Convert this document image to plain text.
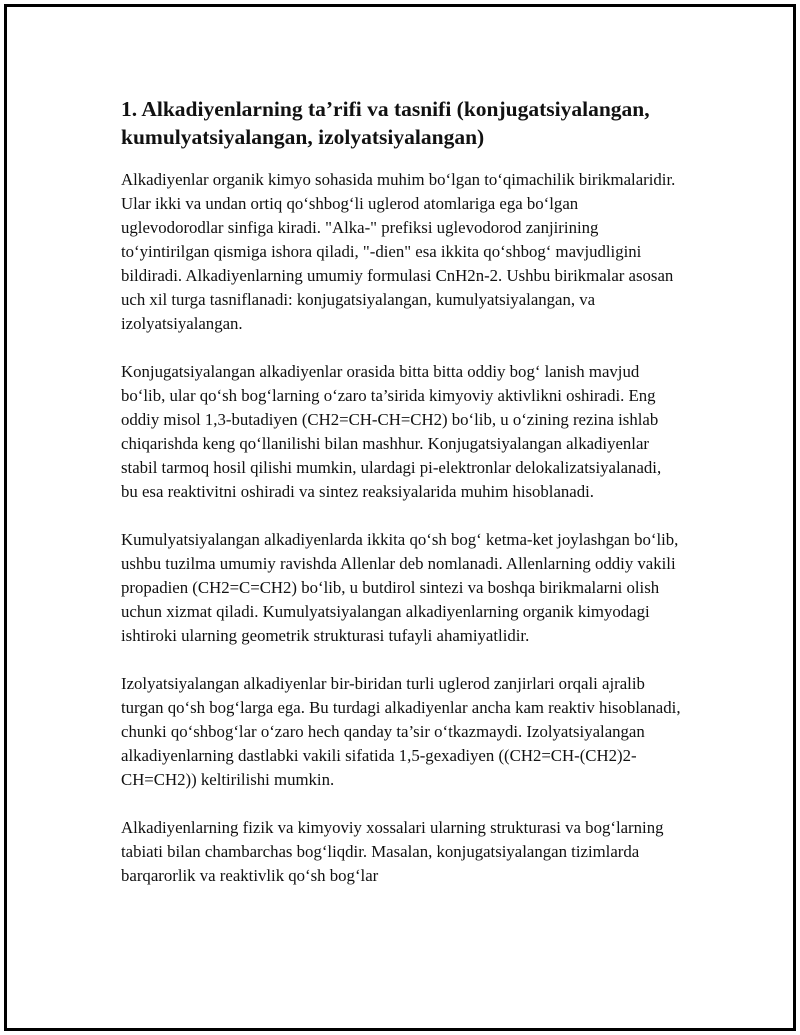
1. Alkadiyenlarning ta’rifi va tasnifi (konjugatsiyalangan, kumulyatsiyalangan, izolyatsiyalangan)

Alkadiyenlar organik kimyo sohasida muhim bo‘lgan to‘qimachilik birikmalaridir. Ular ikki va undan ortiq qo‘shbog‘li uglerod atomlariga ega bo‘lgan uglevodorodlar sinfiga kiradi. "Alka-" prefiksi uglevodorod zanjirining to‘yintirilgan qismiga ishora qiladi, "-dien" esa ikkita qo‘shbog‘ mavjudligini bildiradi. Alkadiyenlarning umumiy formulasi CnH2n-2. Ushbu birikmalar asosan uch xil turga tasniflanadi: konjugatsiyalangan, kumulyatsiyalangan, va izolyatsiyalangan.

Konjugatsiyalangan alkadiyenlar orasida bitta bitta oddiy bog‘ lanish mavjud bo‘lib, ular qo‘sh bog‘larning o‘zaro ta’sirida kimyoviy aktivlikni oshiradi. Eng oddiy misol 1,3-butadiyen (CH2=CH-CH=CH2) bo‘lib, u o‘zining rezina ishlab chiqarishda keng qo‘llanilishi bilan mashhur. Konjugatsiyalangan alkadiyenlar stabil tarmoq hosil qilishi mumkin, ulardagi pi-elektronlar delokalizatsiyalanadi, bu esa reaktivitni oshiradi va sintez reaksiyalarida muhim hisoblanadi.

Kumulyatsiyalangan alkadiyenlarda ikkita qo‘sh bog‘ ketma-ket joylashgan bo‘lib, ushbu tuzilma umumiy ravishda Allenlar deb nomlanadi. Allenlarning oddiy vakili propadien (CH2=C=CH2) bo‘lib, u butdirol sintezi va boshqa birikmalarni olish uchun xizmat qiladi. Kumulyatsiyalangan alkadiyenlarning organik kimyodagi ishtiroki ularning geometrik strukturasi tufayli ahamiyatlidir.

Izolyatsiyalangan alkadiyenlar bir-biridan turli uglerod zanjirlari orqali ajralib turgan qo‘sh bog‘larga ega. Bu turdagi alkadiyenlar ancha kam reaktiv hisoblanadi, chunki qo‘shbog‘lar o‘zaro hech qanday ta’sir o‘tkazmaydi. Izolyatsiyalangan alkadiyenlarning dastlabki vakili sifatida 1,5-gexadiyen ((CH2=CH-(CH2)2-CH=CH2)) keltirilishi mumkin.

Alkadiyenlarning fizik va kimyoviy xossalari ularning strukturasi va bog‘larning tabiati bilan chambarchas bog‘liqdir. Masalan, konjugatsiyalangan tizimlarda barqarorlik va reaktivlik qo‘sh bog‘lar
